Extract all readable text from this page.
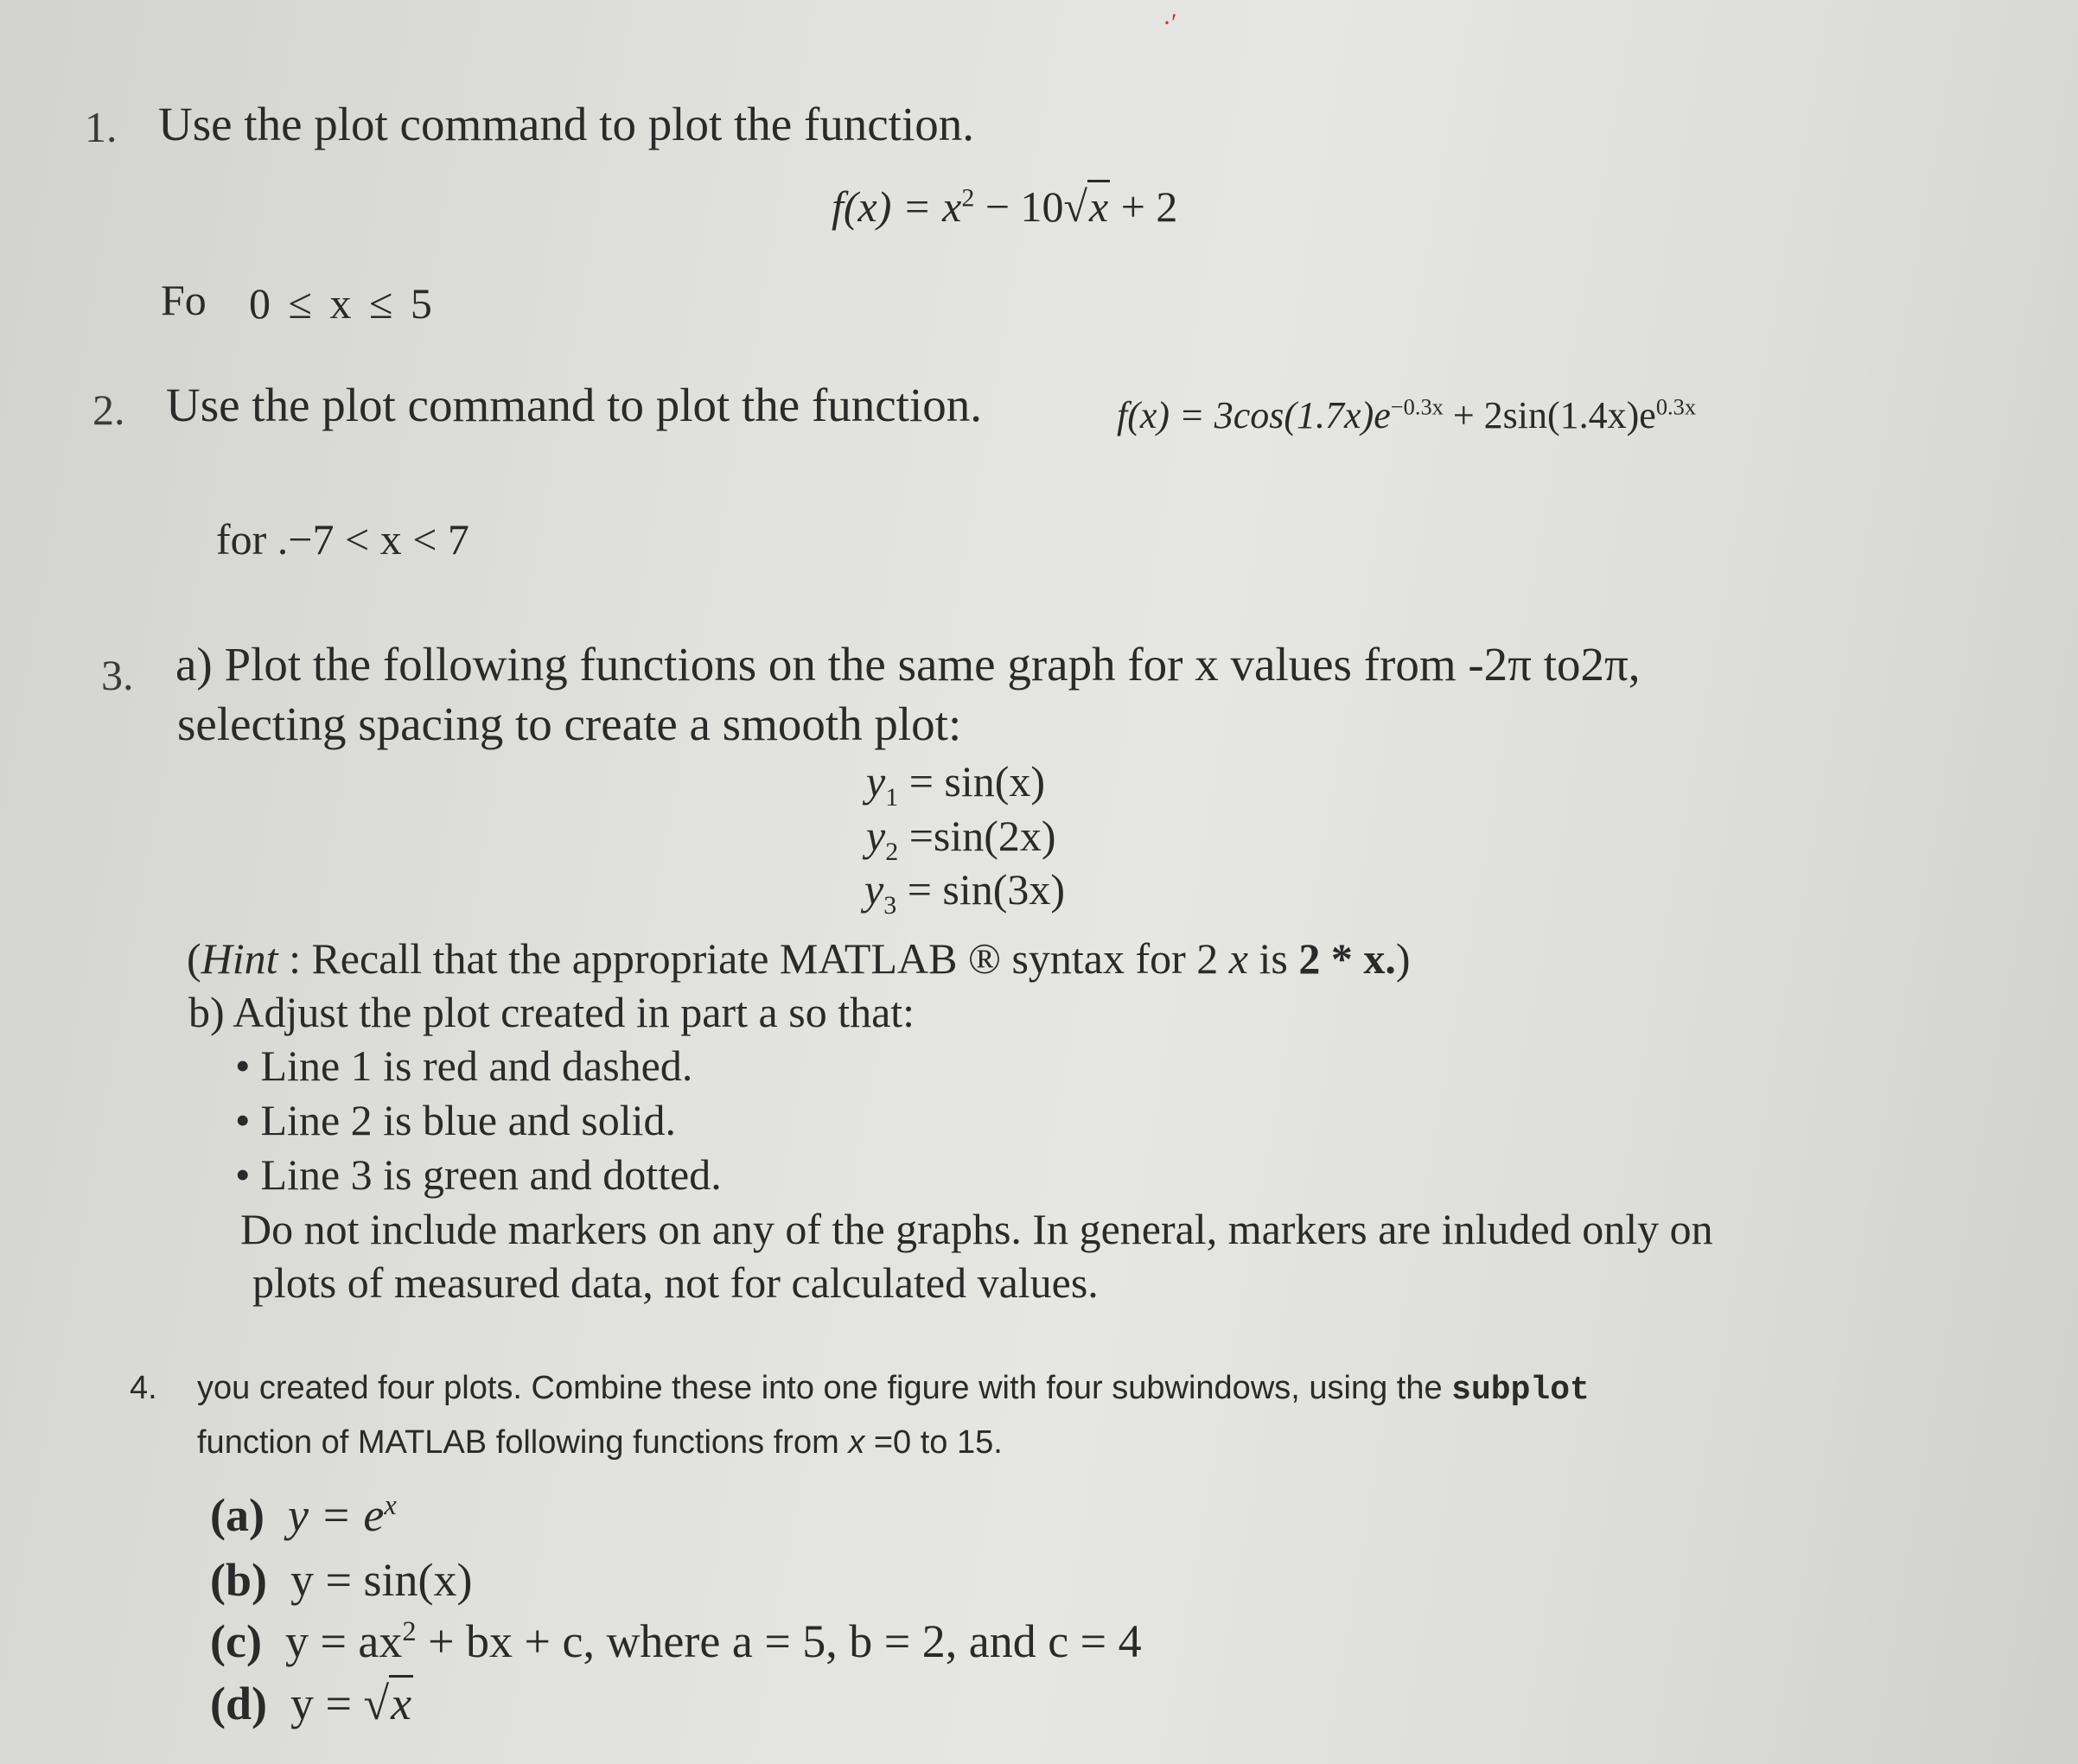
·′
1. Use the plot command to plot the function.
$f(x) = x^2 - 10√x + 2$
Fo 0 ≤ x ≤ 5
2. Use the plot command to plot the function.	$f(x) = 3\cos(1.7x)e^{-0.3x} + 2\sin(1.4x)e^{0.3x}$
for .−7 < x < 7
3. a) Plot the following functions on the same graph for x values from -2π to2π,
selecting spacing to create a smooth plot:
$y_1 = \sin(x)$
$y_2 =\sin(2x)$
$y_3 = \sin(3x)$
(Hint : Recall that the appropriate MATLAB ® syntax for 2 x is 2 * x.)
b) Adjust the plot created in part a so that:
• Line 1 is red and dashed.
• Line 2 is blue and solid.
• Line 3 is green and dotted.
Do not include markers on any of the graphs. In general, markers are inluded only on
plots of measured data, not for calculated values.
4. you created four plots. Combine these into one figure with four subwindows, using the subplot
function of MATLAB following functions from x =0 to 15.
(a) $y = e^x$
(b) y = sin(x)
(c) $y = ax^2$ + bx + c, where a = 5, b = 2, and c = 4
(d) y = √x
